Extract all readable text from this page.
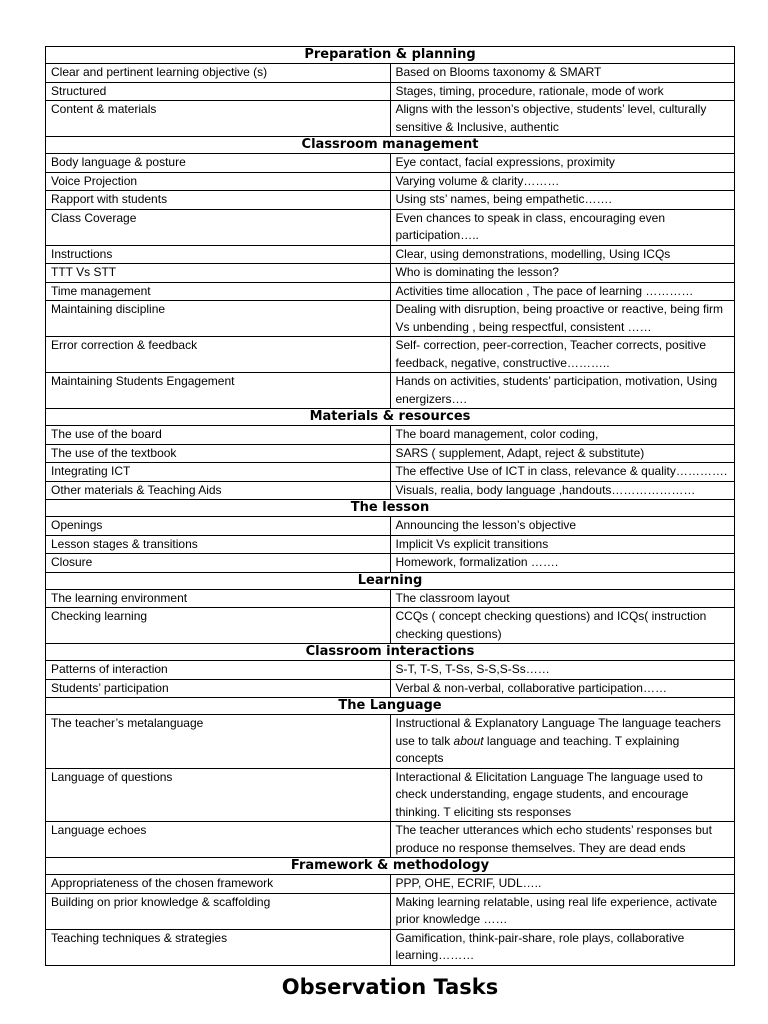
Preparation & planning	
Clear and pertinent learning objective (s)	Based on Blooms taxonomy & SMART
Structured	Stages, timing, procedure, rationale, mode of work
Content & materials	Aligns with the lesson’s objective, students’ level, culturally sensitive & Inclusive, authentic
Classroom management	
Body language & posture	Eye contact, facial expressions, proximity
Voice Projection	Varying volume & clarity………
Rapport with students	Using sts’ names, being empathetic…….
Class Coverage	Even chances to speak in class, encouraging even participation…..
Instructions	Clear, using demonstrations, modelling, Using ICQs
TTT Vs STT	Who is dominating the lesson?
Time management	Activities time allocation , The pace of learning …………
Maintaining discipline	Dealing with disruption, being proactive or reactive, being firm Vs unbending , being respectful, consistent ……
Error correction & feedback	Self- correction, peer-correction, Teacher corrects, positive feedback, negative, constructive………..
Maintaining Students Engagement	Hands on activities, students’ participation, motivation, Using energizers….
Materials & resources	
The use of the board	The board management, color coding,
The use of the textbook	SARS ( supplement, Adapt, reject & substitute)
Integrating ICT	The effective Use of ICT in class, relevance & quality………….
Other materials & Teaching Aids	Visuals, realia, body language ,handouts…………………
The lesson	
Openings	Announcing the lesson’s objective
Lesson stages & transitions	Implicit Vs explicit transitions
Closure	Homework, formalization …….
Learning	
The learning environment	The classroom layout
Checking learning	CCQs ( concept checking questions) and ICQs( instruction checking questions)
Classroom interactions	
Patterns of interaction	S-T, T-S, T-Ss, S-S,S-Ss……
Students’ participation	Verbal & non-verbal, collaborative participation……
The Language	
The teacher’s metalanguage	Instructional & Explanatory Language The language teachers use to talk about language and teaching. T explaining concepts
Language of questions	Interactional & Elicitation Language The language used to check understanding, engage students, and encourage thinking. T eliciting sts responses
Language echoes	The teacher utterances which echo students’ responses but produce no response themselves. They are dead ends
Framework & methodology	
Appropriateness of the chosen framework	PPP, OHE, ECRIF, UDL…..
Building on prior knowledge & scaffolding	Making learning relatable, using real life experience, activate prior knowledge ……
Teaching techniques & strategies	Gamification, think-pair-share, role plays, collaborative learning………
Observation Tasks
